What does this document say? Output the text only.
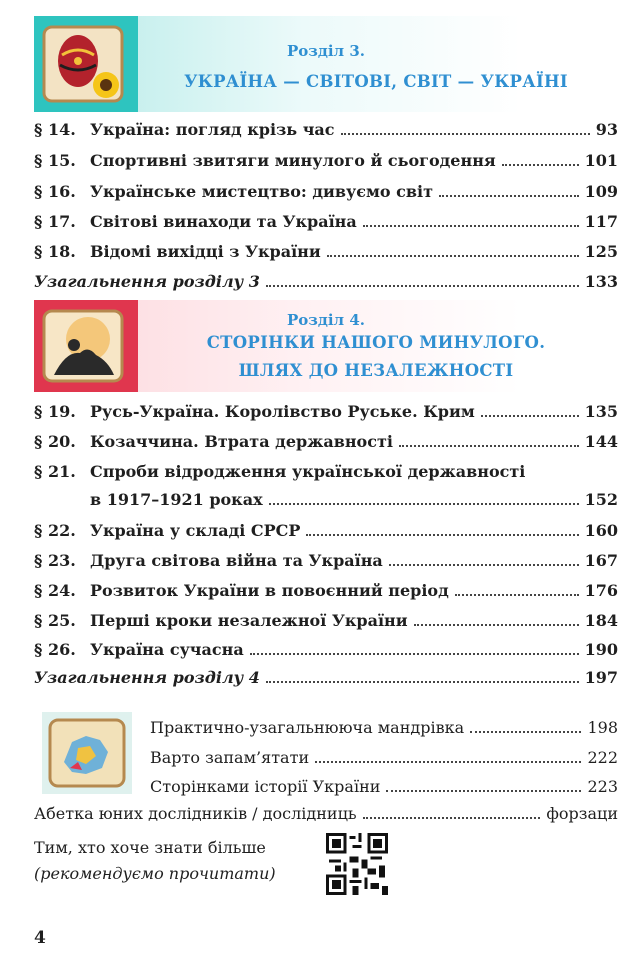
Розділ 3.
УКРАЇНА — СВІТОВІ, СВІТ — УКРАЇНІ
§ 14. Україна: погляд крізь час	93
§ 15. Спортивні звитяги минулого й сьогодення	101
§ 16. Українське мистецтво: дивуємо світ	109
§ 17. Світові винаходи та Україна	117
§ 18. Відомі вихідці з України	125
Узагальнення розділу 3	133
Розділ 4.
СТОРІНКИ НАШОГО МИНУЛОГО.
ШЛЯХ ДО НЕЗАЛЕЖНОСТІ
§ 19. Русь-Україна. Королівство Руське. Крим	135
§ 20. Козаччина. Втрата державності	144
§ 21. Спроби відродження української державності
в 1917–1921 роках	152
§ 22. Україна у складі СРСР	160
§ 23. Друга світова війна та Україна	167
§ 24. Розвиток України в повоєнний період	176
§ 25. Перші кроки незалежної України	184
§ 26. Україна сучасна	190
Узагальнення розділу 4	197
Практично-узагальнююча мандрівка	198
Варто запам’ятати	222
Сторінками історії України	223
Абетка юних дослідників / дослідниць	форзаци
Тим, хто хоче знати більше
(рекомендуємо прочитати)
4
